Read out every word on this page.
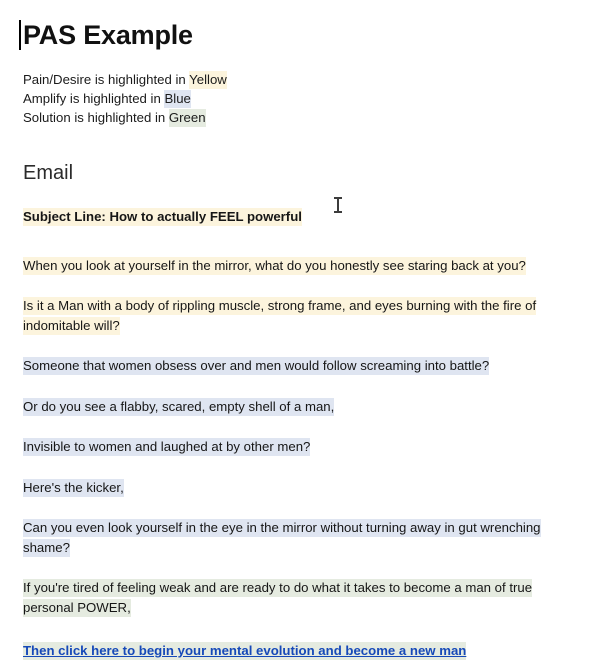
PAS Example
Pain/Desire is highlighted in Yellow
Amplify is highlighted in Blue
Solution is highlighted in Green
Email

Subject Line: How to actually FEEL powerful

When you look at yourself in the mirror, what do you honestly see staring back at you?

Is it a Man with a body of rippling muscle, strong frame, and eyes burning with the fire of indomitable will?

Someone that women obsess over and men would follow screaming into battle?

Or do you see a flabby, scared, empty shell of a man,

Invisible to women and laughed at by other men?

Here's the kicker,

Can you even look yourself in the eye in the mirror without turning away in gut wrenching shame?

If you're tired of feeling weak and are ready to do what it takes to become a man of true personal POWER,

Then click here to begin your mental evolution and become a new man
